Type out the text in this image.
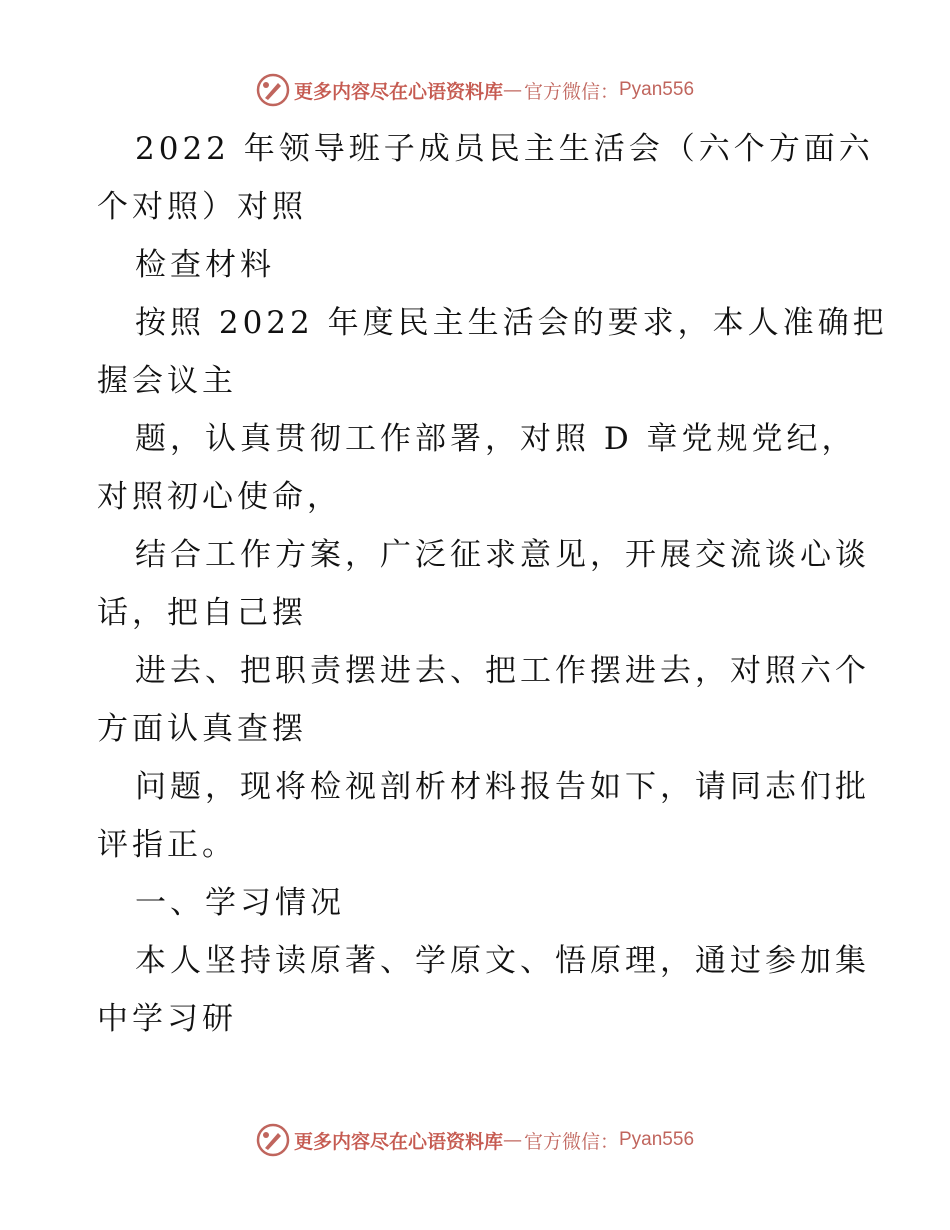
更多内容尽在心语资料库 — 官方微信： Pyan556
2022 年领导班子成员民主生活会（六个方面六
个对照）对照
检查材料
按照 2022 年度民主生活会的要求，本人准确把
握会议主
题，认真贯彻工作部署，对照 D 章党规党纪，
对照初心使命，
结合工作方案，广泛征求意见，开展交流谈心谈
话，把自己摆
进去、把职责摆进去、把工作摆进去，对照六个
方面认真查摆
问题，现将检视剖析材料报告如下，请同志们批
评指正。
一、学习情况
本人坚持读原著、学原文、悟原理，通过参加集
中学习研
更多内容尽在心语资料库 — 官方微信： Pyan556
